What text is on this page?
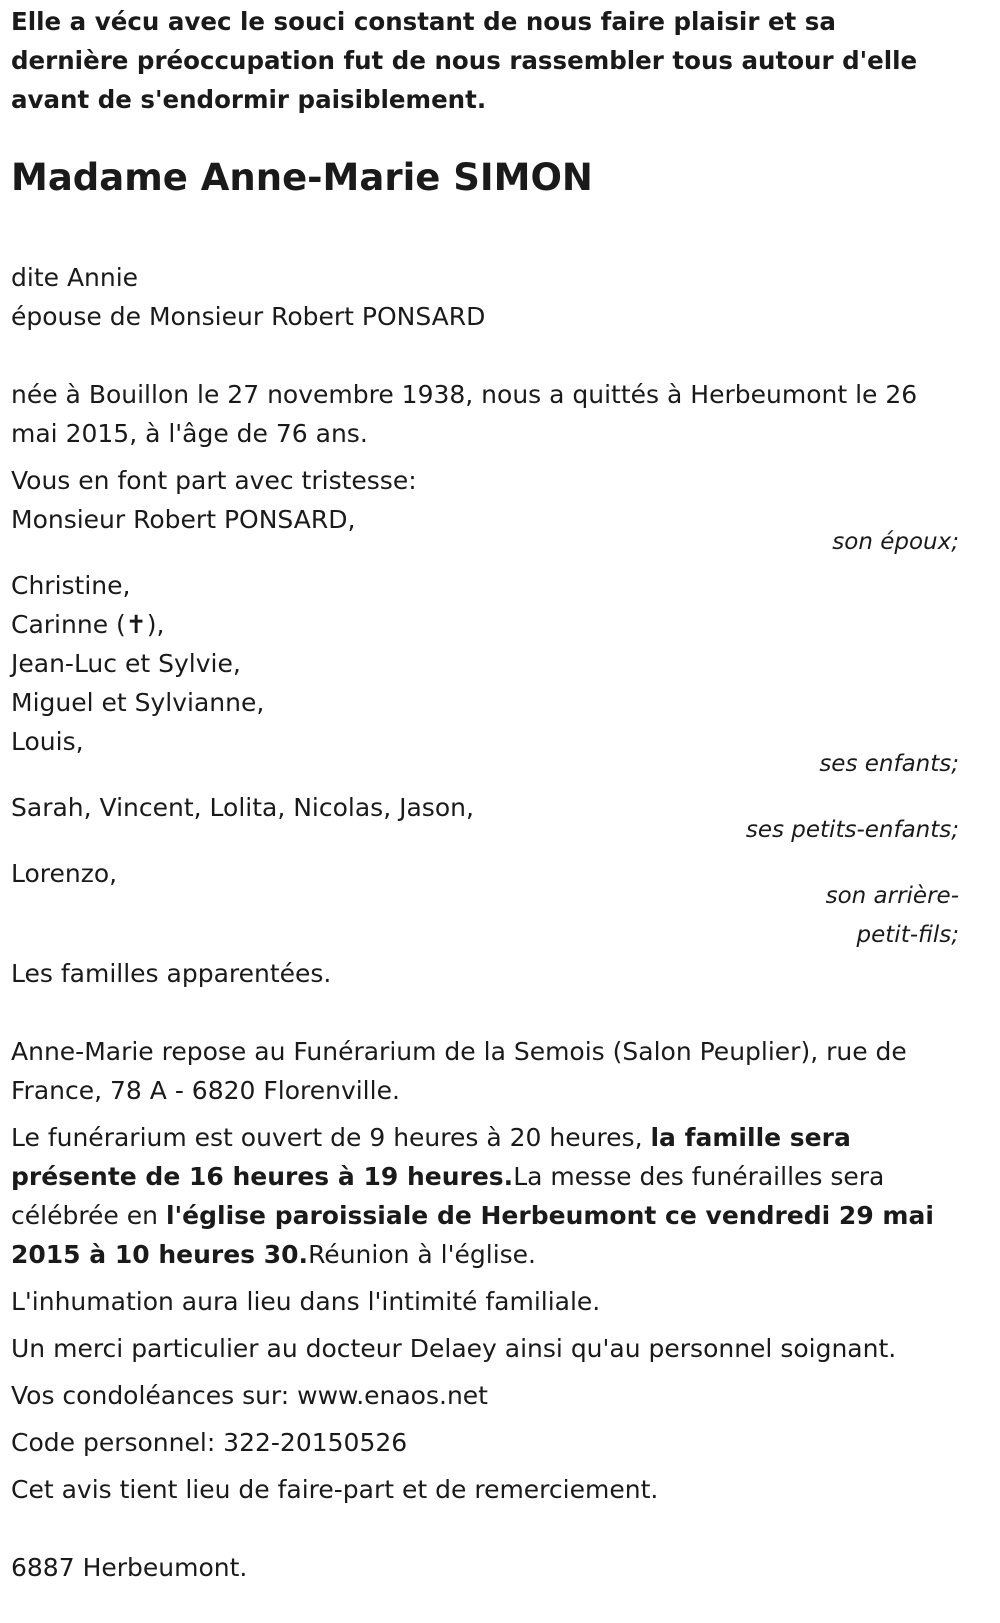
Elle a vécu avec le souci constant de nous faire plaisir et sa dernière préoccupation fut de nous rassembler tous autour d'elle avant de s'endormir paisiblement.

Madame Anne-Marie SIMON
dite Annie
épouse de Monsieur Robert PONSARD
née à Bouillon le 27 novembre 1938, nous a quittés à Herbeumont le 26 mai 2015, à l'âge de 76 ans.
Vous en font part avec tristesse:
Monsieur Robert PONSARD,
son époux;
Christine,
Carinne (✝),
Jean-Luc et Sylvie,
Miguel et Sylvianne,
Louis,
ses enfants;
Sarah, Vincent, Lolita, Nicolas, Jason,
ses petits-enfants;
Lorenzo,
son arrière-
petit-fils;
Les familles apparentées.
Anne-Marie repose au Funérarium de la Semois (Salon Peuplier), rue de France, 78 A - 6820 Florenville.
Le funérarium est ouvert de 9 heures à 20 heures, la famille sera présente de 16 heures à 19 heures.La messe des funérailles sera célébrée en l'église paroissiale de Herbeumont ce vendredi 29 mai 2015 à 10 heures 30.Réunion à l'église.
L'inhumation aura lieu dans l'intimité familiale.
Un merci particulier au docteur Delaey ainsi qu'au personnel soignant.
Vos condoléances sur: www.enaos.net
Code personnel: 322-20150526
Cet avis tient lieu de faire-part et de remerciement.
6887 Herbeumont.
